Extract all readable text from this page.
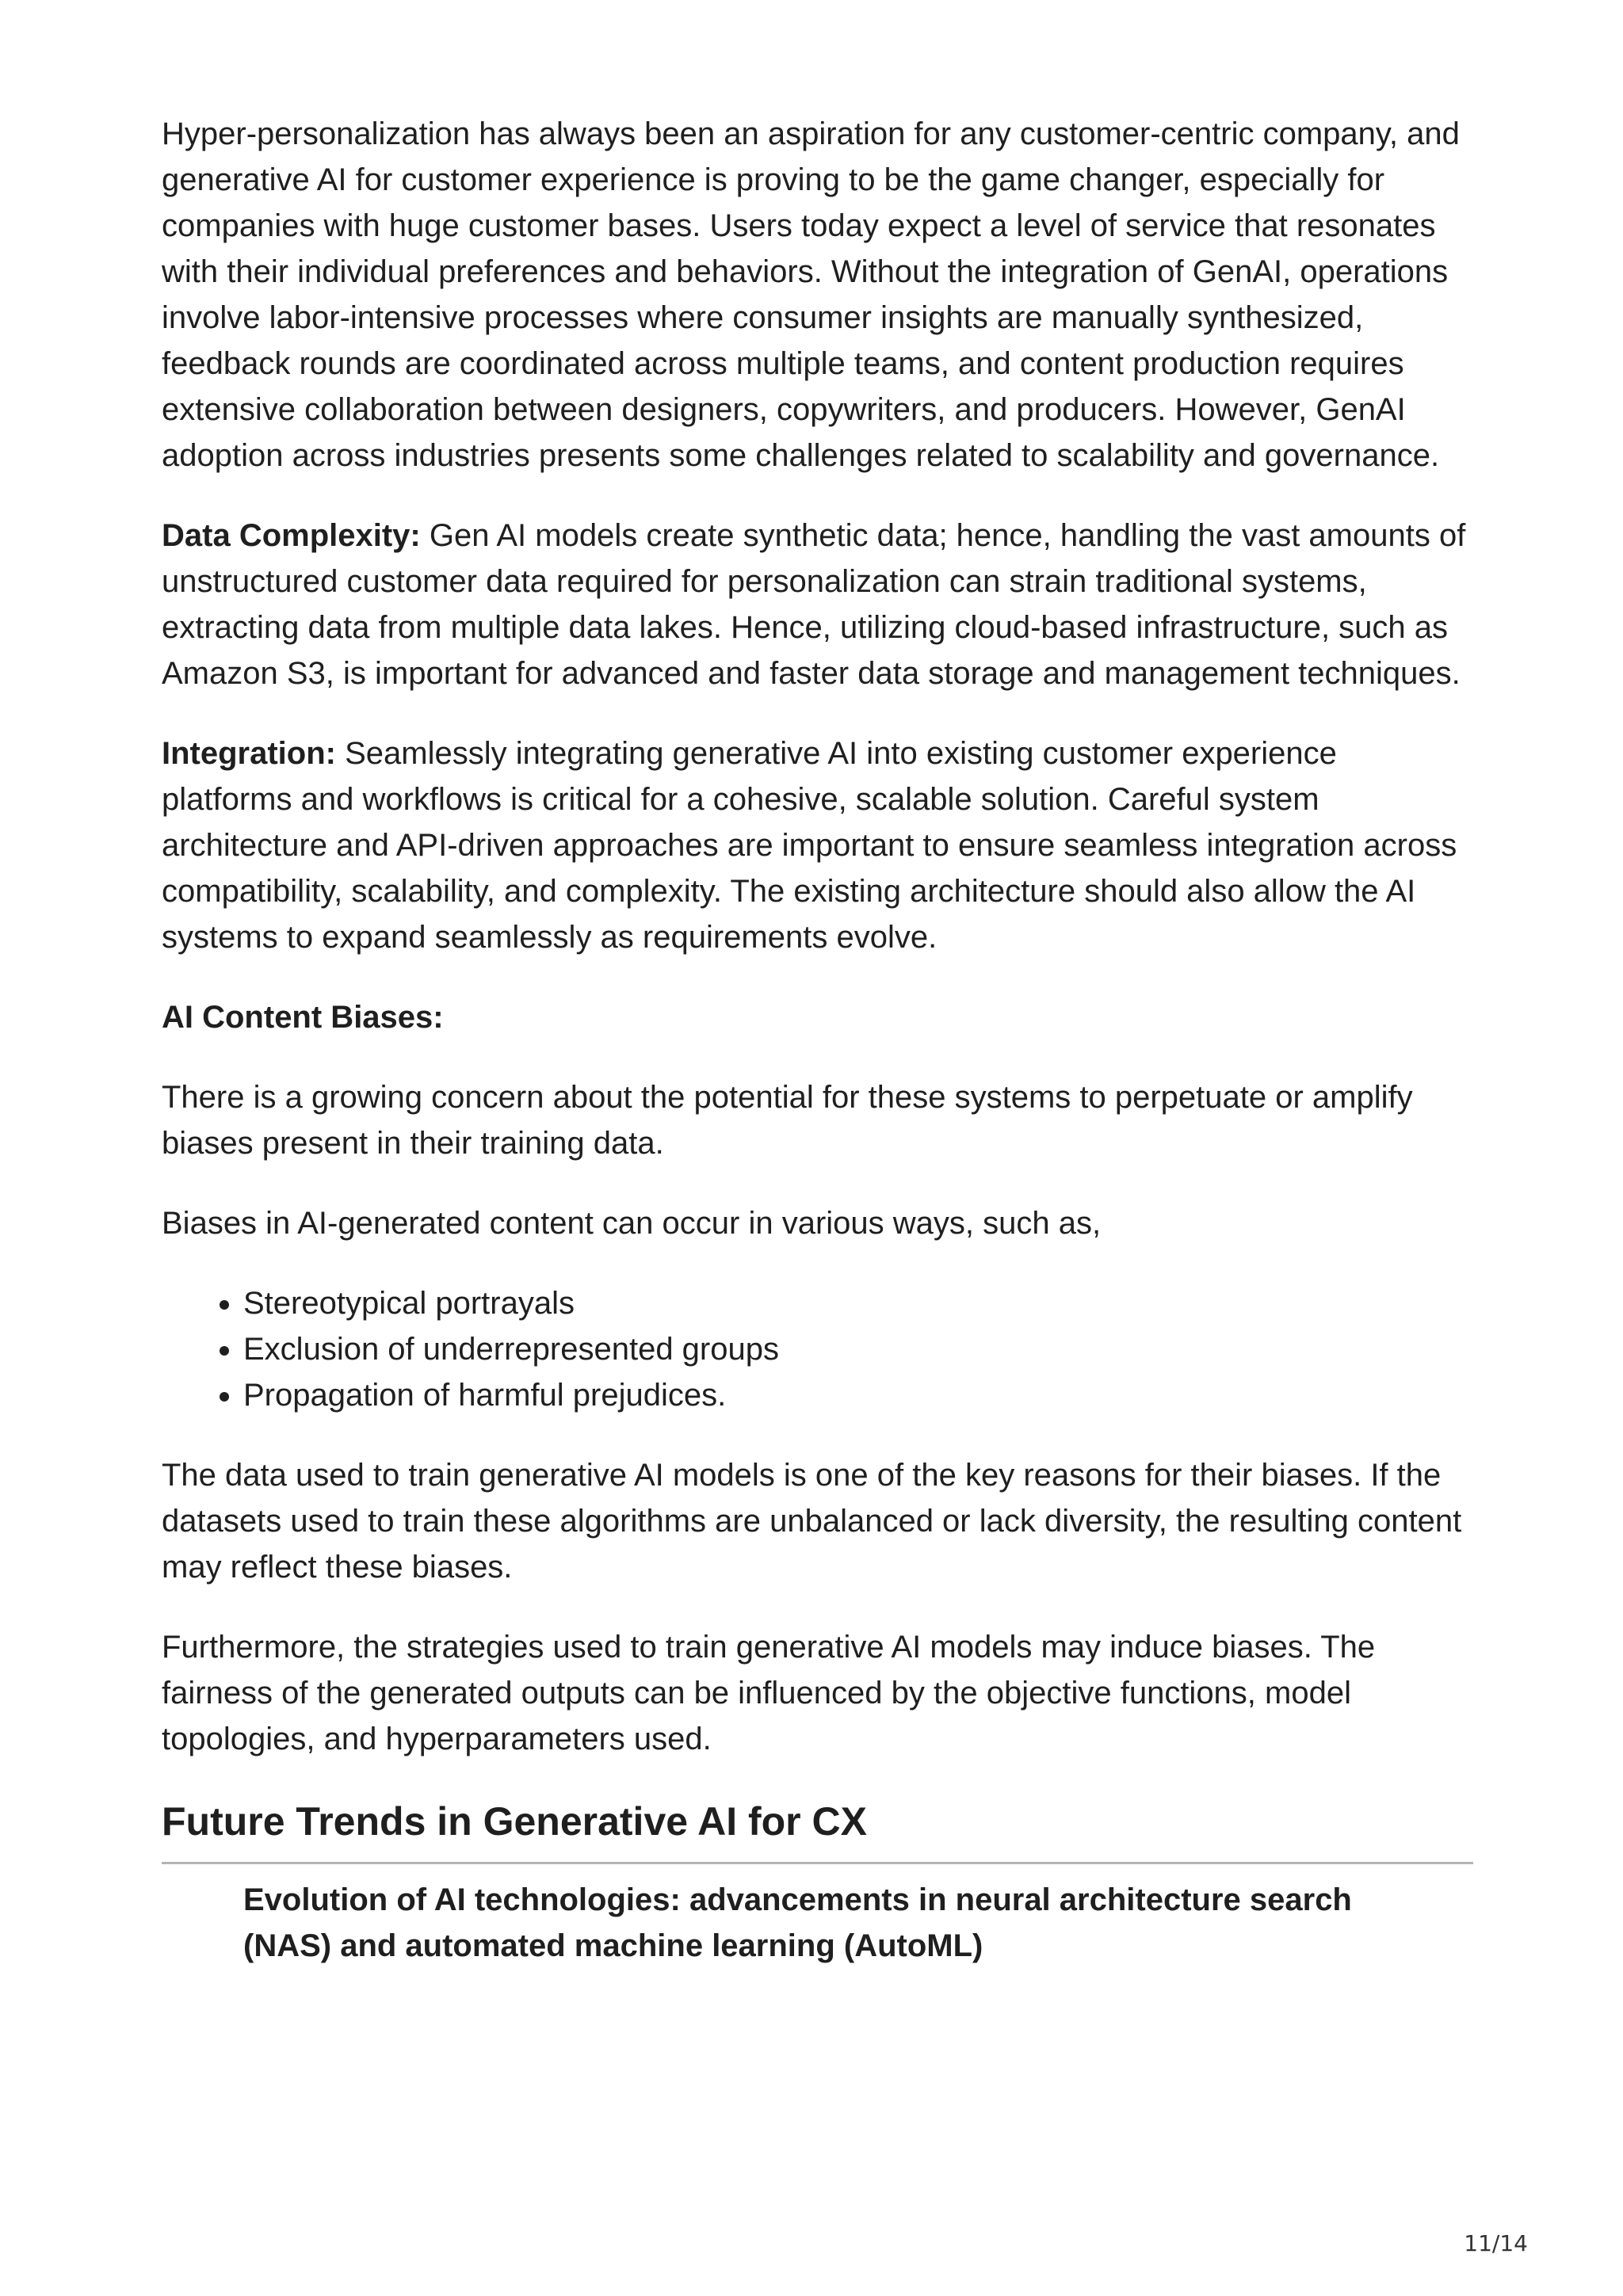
Hyper-personalization has always been an aspiration for any customer-centric company, and generative AI for customer experience is proving to be the game changer, especially for companies with huge customer bases. Users today expect a level of service that resonates with their individual preferences and behaviors. Without the integration of GenAI, operations involve labor-intensive processes where consumer insights are manually synthesized, feedback rounds are coordinated across multiple teams, and content production requires extensive collaboration between designers, copywriters, and producers. However, GenAI adoption across industries presents some challenges related to scalability and governance.

Data Complexity: Gen AI models create synthetic data; hence, handling the vast amounts of unstructured customer data required for personalization can strain traditional systems, extracting data from multiple data lakes. Hence, utilizing cloud-based infrastructure, such as Amazon S3, is important for advanced and faster data storage and management techniques.

Integration: Seamlessly integrating generative AI into existing customer experience platforms and workflows is critical for a cohesive, scalable solution. Careful system architecture and API-driven approaches are important to ensure seamless integration across compatibility, scalability, and complexity. The existing architecture should also allow the AI systems to expand seamlessly as requirements evolve.

AI Content Biases:

There is a growing concern about the potential for these systems to perpetuate or amplify biases present in their training data.

Biases in AI-generated content can occur in various ways, such as,

• Stereotypical portrayals
• Exclusion of underrepresented groups
• Propagation of harmful prejudices.

The data used to train generative AI models is one of the key reasons for their biases. If the datasets used to train these algorithms are unbalanced or lack diversity, the resulting content may reflect these biases.

Furthermore, the strategies used to train generative AI models may induce biases. The fairness of the generated outputs can be influenced by the objective functions, model topologies, and hyperparameters used.

Future Trends in Generative AI for CX
Evolution of AI technologies: advancements in neural architecture search (NAS) and automated machine learning (AutoML)
11/14
